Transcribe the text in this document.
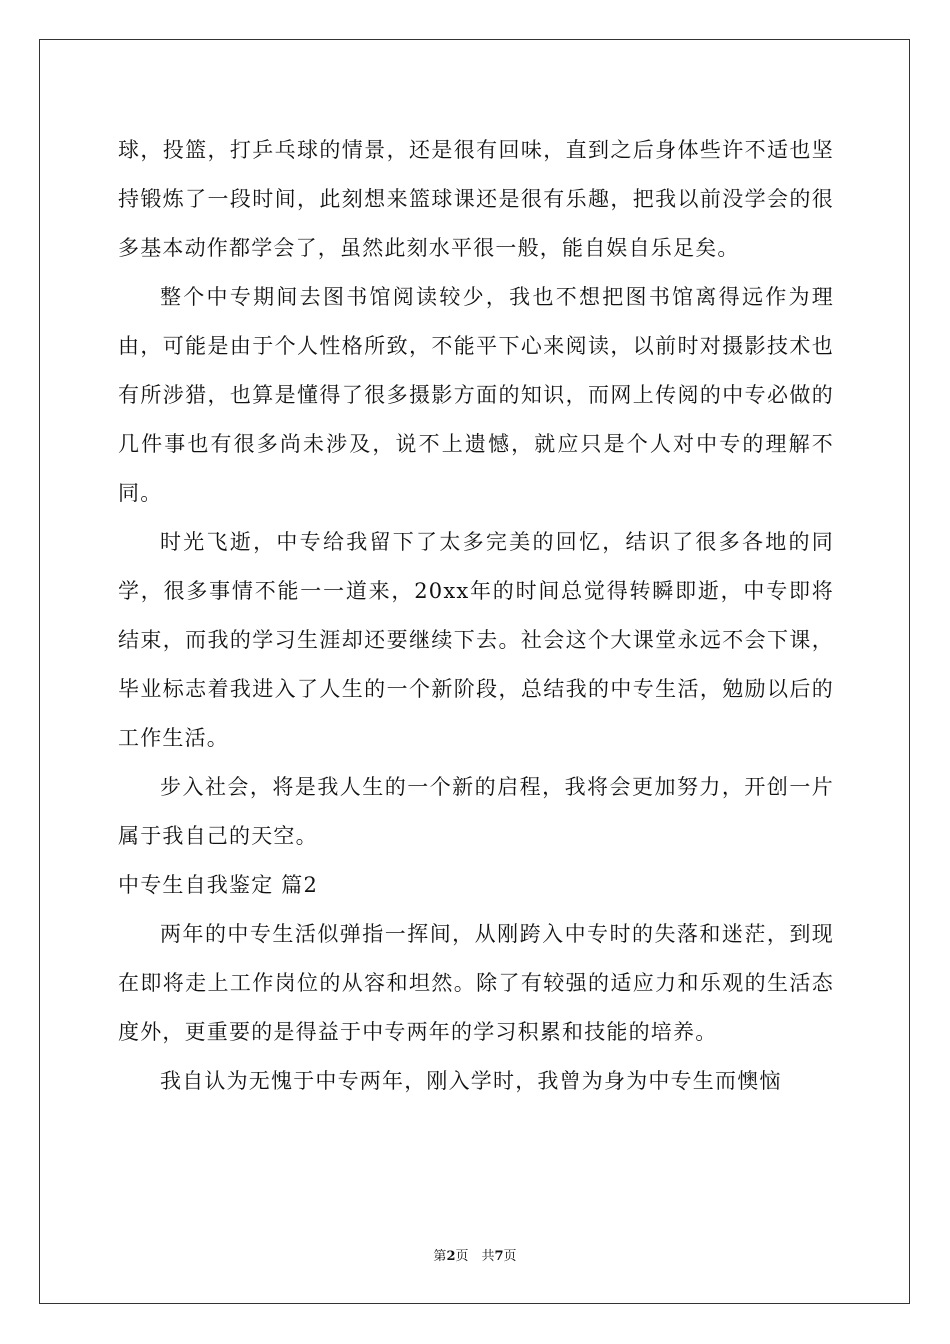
球，投篮，打乒乓球的情景，还是很有回味，直到之后身体些许不适也坚持锻炼了一段时间，此刻想来篮球课还是很有乐趣，把我以前没学会的很多基本动作都学会了，虽然此刻水平很一般，能自娱自乐足矣。

整个中专期间去图书馆阅读较少，我也不想把图书馆离得远作为理由，可能是由于个人性格所致，不能平下心来阅读，以前时对摄影技术也有所涉猎，也算是懂得了很多摄影方面的知识，而网上传阅的中专必做的几件事也有很多尚未涉及，说不上遗憾，就应只是个人对中专的理解不同。

时光飞逝，中专给我留下了太多完美的回忆，结识了很多各地的同学，很多事情不能一一道来，20xx年的时间总觉得转瞬即逝，中专即将结束，而我的学习生涯却还要继续下去。社会这个大课堂永远不会下课，毕业标志着我进入了人生的一个新阶段，总结我的中专生活，勉励以后的工作生活。

步入社会，将是我人生的一个新的启程，我将会更加努力，开创一片属于我自己的天空。

中专生自我鉴定 篇2

两年的中专生活似弹指一挥间，从刚跨入中专时的失落和迷茫，到现在即将走上工作岗位的从容和坦然。除了有较强的适应力和乐观的生活态度外，更重要的是得益于中专两年的学习积累和技能的培养。

我自认为无愧于中专两年，刚入学时，我曾为身为中专生而懊恼

第2页　共7页
